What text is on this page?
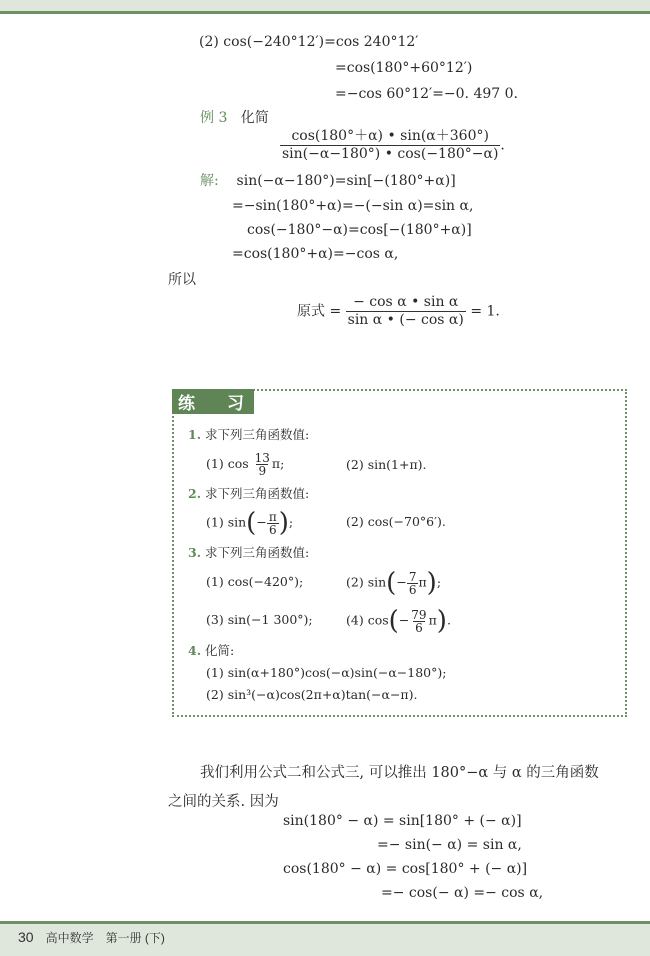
(2) cos(−240°12′)=cos 240°12′
=cos(180°+60°12′)
=−cos 60°12′=−0. 497 0.
例 3 化简
$\frac{\cos(180^\circ+\alpha) • \sin(\alpha+360^\circ)}{\sin(-\alpha-180^\circ) • \cos(-180^\circ-\alpha)}$ .
解: sin(−α−180°)=sin[−(180°+α)]
=−sin(180°+α)=−(−sin α)=sin α,
cos(−180°−α)=cos[−(180°+α)]
=cos(180°+α)=−cos α,
所以
原式 = $\frac{\text{− cos α • sin α}}{\text{sin α • (− cos α)}} = 1$.
练 习
1. 求下列三角函数值:
(1) $\cos \frac{13}{9} \pi$;	(2) sin(1+π).
2. 求下列三角函数值:
(1) $\sin(- \frac{\pi}{6}$ );	(2) cos(−70°6′).
3. 求下列三角函数值:
(1) cos(−420°);	(2) $\sin(- \frac{7}{6} \pi)$;
(3) sin(−1 300°);	(4) $\cos(- \frac{79}{6} \pi)$.
4. 化简:
(1) sin(α+180°)cos(−α)sin(−α−180°);
(2) sin³(−α)cos(2π+α)tan(−α−π).
我们利用公式二和公式三, 可以推出 180°−α 与 α 的三角函数
之间的关系. 因为
sin(180° − α) = sin[180° + (− α)]
=− sin(− α) = sin α,
cos(180° − α) = cos[180° + (− α)]
=− cos(− α) =− cos α,
30 高中数学 第一册 (下)
